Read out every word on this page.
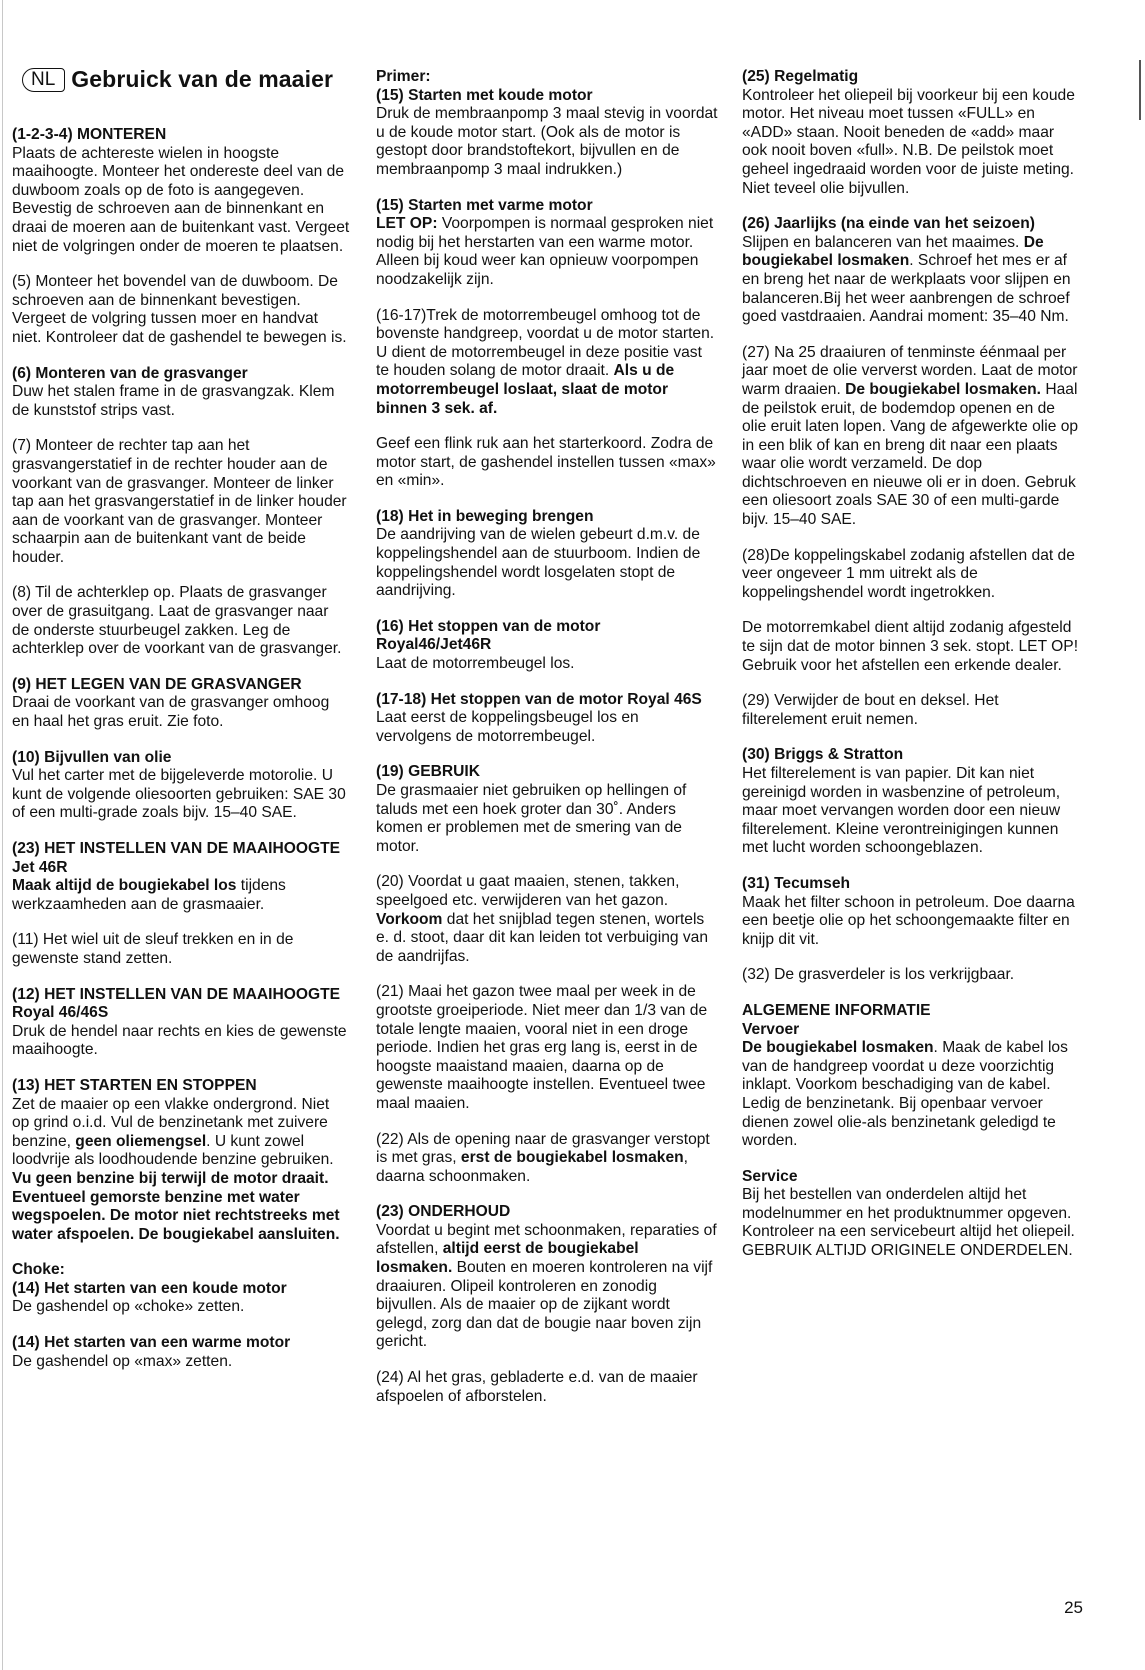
NL Gebruick van de maaier
(1-2-3-4) MONTEREN

Plaats de achtereste wielen in hoogste maaihoogte. Monteer het onderestе deel van de duwboom zoals op de foto is aangegeven. Bevestig de schroeven aan de binnenkant en draai de moeren aan de buitenkant vast. Vergeet niet de volgringen onder de moeren te plaatsen.

(5) Monteer het bovendel van de duwboom. De schroeven aan de binnenkant bevestigen. Vergeet de volgring tussen moer en handvat niet. Kontroleer dat de gashendel te bewegen is.

(6) Monteren van de grasvanger

Duw het stalen frame in de grasvangzak. Klem de kunststof strips vast.

(7) Monteer de rechter tap aan het grasvangerstatief in de rechter houder aan de voorkant van de grasvanger. Monteer de linker tap aan het grasvangerstatief in de linker houder aan de voorkant van de grasvanger. Monteer schaarpin aan de buitenkant vant de beide houder.

(8) Til de achterklep op. Plaats de grasvanger over de grasuitgang. Laat de grasvanger naar de onderste stuurbeugel zakken. Leg de achterklep over de voorkant van de grasvanger.

(9) HET LEGEN VAN DE GRASVANGER

Draai de voorkant van de grasvanger omhoog en haal het gras eruit. Zie foto.

(10) Bijvullen van olie

Vul het carter met de bijgeleverde motorolie. U kunt de volgende oliesoorten gebruiken: SAE 30 of een multi-grade zoals bijv. 15–40 SAE.

(23) HET INSTELLEN VAN DE MAAIHOOGTE Jet 46R

Maak altijd de bougiekabel los tijdens werkzaamheden aan de grasmaaier.

(11) Het wiel uit de sleuf trekken en in de gewenste stand zetten.

(12) HET INSTELLEN VAN DE MAAIHOOGTE Royal 46/46S

Druk de hendel naar rechts en kies de gewenste maaihoogte.

(13) HET STARTEN EN STOPPEN

Zet de maaier op een vlakke ondergrond. Niet op grind o.i.d. Vul de benzinetank met zuivere benzine, geen oliemengsel. U kunt zowel loodvrije als loodhoudende benzine gebruiken.
Vu geen benzine bij terwijl de motor draait. Eventueel gemorste benzine met water wegspoelen. De motor niet rechtstreeks met water afspoelen. De bougiekabel aansluiten.

Choke:
(14) Het starten van een koude motor

De gashendel op «choke» zetten.

(14) Het starten van een warme motor

De gashendel op «max» zetten.

Primer:
(15) Starten met koude motor

Druk de membraanpomp 3 maal stevig in voordat u de koude motor start. (Ook als de motor is gestopt door brandstoftekort, bijvullen en de membraanpomp 3 maal indrukken.)

(15) Starten met varme motor

LET OP: Voorpompen is normaal gesproken niet nodig bij het herstarten van een warme motor. Alleen bij koud weer kan opnieuw voorpompen noodzakelijk zijn.

(16-17)Trek de motorrembeugel omhoog tot de bovenste handgreep, voordat u de motor starten. U dient de motorrembeugel in deze positie vast te houden solang de motor draait. Als u de motorrembeugel loslaat, slaat de motor binnen 3 sek. af.

Geef een flink ruk aan het starterkoord. Zodra de motor start, de gashendel instellen tussen «max» en «min».

(18) Het in beweging brengen

De aandrijving van de wielen gebeurt d.m.v. de koppelingshendel aan de stuurboom. Indien de koppelingshendel wordt losgelaten stopt de aandrijving.

(16) Het stoppen van de motor Royal46/Jet46R

Laat de motorrembeugel los.

(17-18) Het stoppen van de motor Royal 46S

Laat eerst de koppelingsbeugel los en vervolgens de motorrembeugel.

(19) GEBRUIK

De grasmaaier niet gebruiken op hellingen of taluds met een hoek groter dan 30˚. Anders komen er problemen met de smering van de motor.

(20) Voordat u gaat maaien, stenen, takken, speelgoed etc. verwijderen van het gazon.
Vorkoom dat het snijblad tegen stenen, wortels e. d. stoot, daar dit kan leiden tot verbuiging van de aandrijfas.

(21) Maai het gazon twee maal per week in de grootste groeiperiode. Niet meer dan 1/3 van de totale lengte maaien, vooral niet in een droge periode. Indien het gras erg lang is, eerst in de hoogste maaistand maaien, daarna op de gewenste maaihoogte instellen. Eventueel twee maal maaien.

(22) Als de opening naar de grasvanger verstopt is met gras, erst de bougiekabel losmaken, daarna schoonmaken.

(23) ONDERHOUD

Voordat u begint met schoonmaken, reparaties of afstellen, altijd eerst de bougiekabel losmaken. Bouten en moeren kontroleren na vijf draaiuren. Olipeil kontroleren en zonodig bijvullen. Als de maaier op de zijkant wordt gelegd, zorg dan dat de bougie naar boven zijn gericht.

(24) Al het gras, gebladerte e.d. van de maaier afspoelen of afborstelen.

(25) Regelmatig

Kontroleer het oliepeil bij voorkeur bij een koude motor. Het niveau moet tussen «FULL» en «ADD» staan. Nooit beneden de «add» maar ook nooit boven «full». N.B. De peilstok moet geheel ingedraaid worden voor de juiste meting. Niet teveel olie bijvullen.

(26) Jaarlijks (na einde van het seizoen)

Slijpen en balanceren van het maaimes. De bougiekabel losmaken. Schroef het mes er af en breng het naar de werkplaats voor slijpen en balanceren.Bij het weer aanbrengen de schroef goed vastdraaien. Aandrai moment: 35–40 Nm.

(27) Na 25 draaiuren of tenminste éénmaal per jaar moet de olie ververst worden. Laat de motor warm draaien. De bougiekabel losmaken. Haal de peilstok eruit, de bodemdop openen en de olie eruit laten lopen. Vang de afgewerkte olie op in een blik of kan en breng dit naar een plaats waar olie wordt verzameld. De dop dichtschroeven en nieuwe oli er in doen. Gebruk een oliesoort zoals SAE 30 of een multi-garde bijv. 15–40 SAE.

(28)De koppelingskabel zodanig afstellen dat de veer ongeveer 1 mm uitrekt als de koppelingshendel wordt ingetrokken.

De motorremkabel dient altijd zodanig afgesteld te sijn dat de motor binnen 3 sek. stopt. LET OP! Gebruik voor het afstellen een erkende dealer.

(29) Verwijder de bout en deksel. Het filterelement eruit nemen.

(30) Briggs & Stratton

Het filterelement is van papier. Dit kan niet gereinigd worden in wasbenzine of petroleum, maar moet vervangen worden door een nieuw filterelement. Kleine verontreinigingen kunnen met lucht worden schoongeblazen.

(31) Tecumseh

Maak het filter schoon in petroleum. Doe daarna een beetje olie op het schoongemaakte filter en knijp dit vit.

(32) De grasverdeler is los verkrijgbaar.

ALGEMENE INFORMATIE
Vervoer

De bougiekabel losmaken. Maak de kabel los van de handgreep voordat u deze voorzichtig inklapt. Voorkom beschadiging van de kabel. Ledig de benzinetank. Bij openbaar vervoer dienen zowel olie-als benzinetank geledigd te worden.

Service

Bij het bestellen van onderdelen altijd het modelnummer en het produktnummer opgeven. Kontroleer na een servicebeurt altijd het oliepeil.
GEBRUIK ALTIJD ORIGINELE ONDERDELEN.

25
